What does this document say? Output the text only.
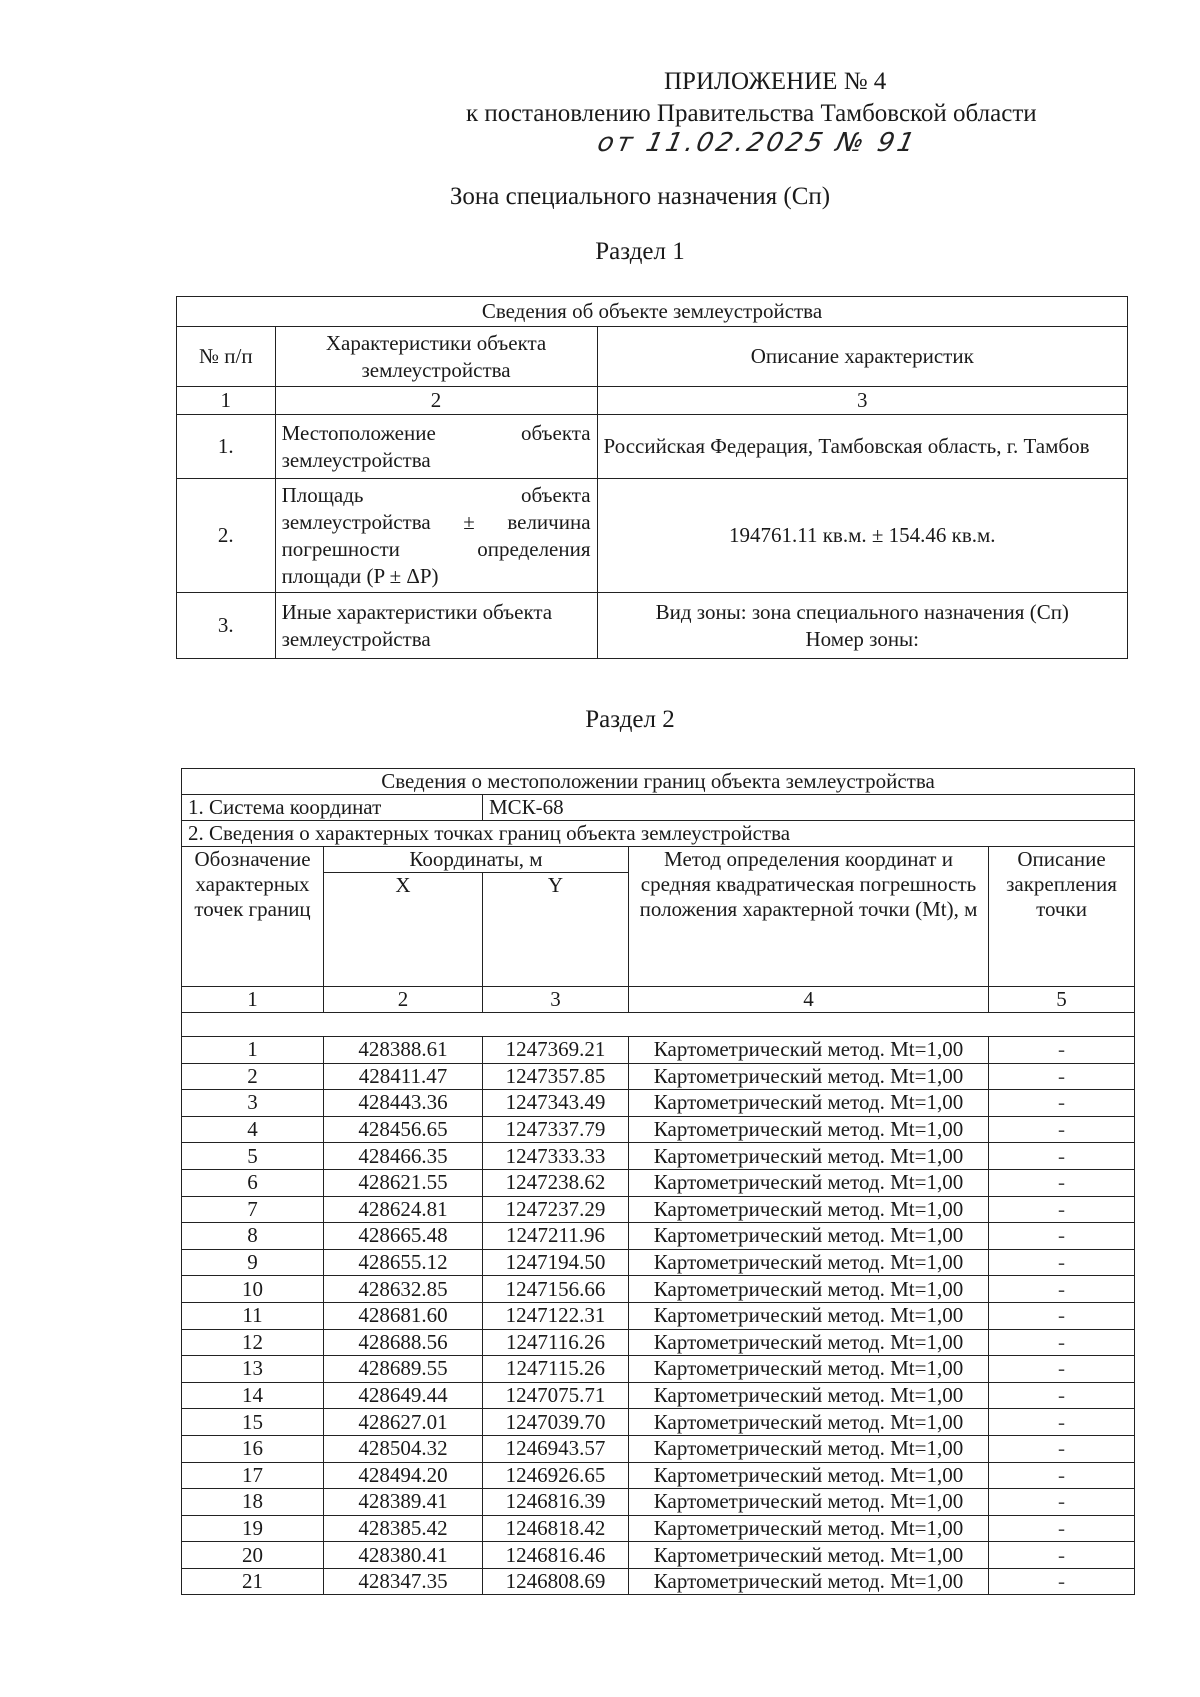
ПРИЛОЖЕНИЕ № 4
к постановлению Правительства Тамбовской области
от 11.02.2025 № 91
Зона специального назначения (Сп)
Раздел 1
Сведения об объекте землеустройства		
№ п/п	Характеристики объекта землеустройства	Описание характеристик
1	2	3
1.	Местоположение объекта землеустройства	Российская Федерация, Тамбовская область, г. Тамбов
2.	Площадь объекта землеустройства ± величина погрешности определения площади (P ± ΔP)	194761.11 кв.м. ± 154.46 кв.м.
3.	Иные характеристики объекта землеустройства	Вид зоны: зона специального назначения (Сп)
Номер зоны:
Раздел 2
Сведения о местоположении границ объекта землеустройства				
1. Система координат		МСК-68		
2. Сведения о характерных точках границ объекта землеустройства				
Обозначение характерных точек границ	Координаты, м		Метод определения координат и средняя квадратическая погрешность положения характерной точки (Mt), м	Описание закрепления точки
	X	Y		
1	2	3	4	5

1	428388.61	1247369.21	Картометрический метод. Mt=1,00	-
2	428411.47	1247357.85	Картометрический метод. Mt=1,00	-
3	428443.36	1247343.49	Картометрический метод. Mt=1,00	-
4	428456.65	1247337.79	Картометрический метод. Mt=1,00	-
5	428466.35	1247333.33	Картометрический метод. Mt=1,00	-
6	428621.55	1247238.62	Картометрический метод. Mt=1,00	-
7	428624.81	1247237.29	Картометрический метод. Mt=1,00	-
8	428665.48	1247211.96	Картометрический метод. Mt=1,00	-
9	428655.12	1247194.50	Картометрический метод. Mt=1,00	-
10	428632.85	1247156.66	Картометрический метод. Mt=1,00	-
11	428681.60	1247122.31	Картометрический метод. Mt=1,00	-
12	428688.56	1247116.26	Картометрический метод. Mt=1,00	-
13	428689.55	1247115.26	Картометрический метод. Mt=1,00	-
14	428649.44	1247075.71	Картометрический метод. Mt=1,00	-
15	428627.01	1247039.70	Картометрический метод. Mt=1,00	-
16	428504.32	1246943.57	Картометрический метод. Mt=1,00	-
17	428494.20	1246926.65	Картометрический метод. Mt=1,00	-
18	428389.41	1246816.39	Картометрический метод. Mt=1,00	-
19	428385.42	1246818.42	Картометрический метод. Mt=1,00	-
20	428380.41	1246816.46	Картометрический метод. Mt=1,00	-
21	428347.35	1246808.69	Картометрический метод. Mt=1,00	-
